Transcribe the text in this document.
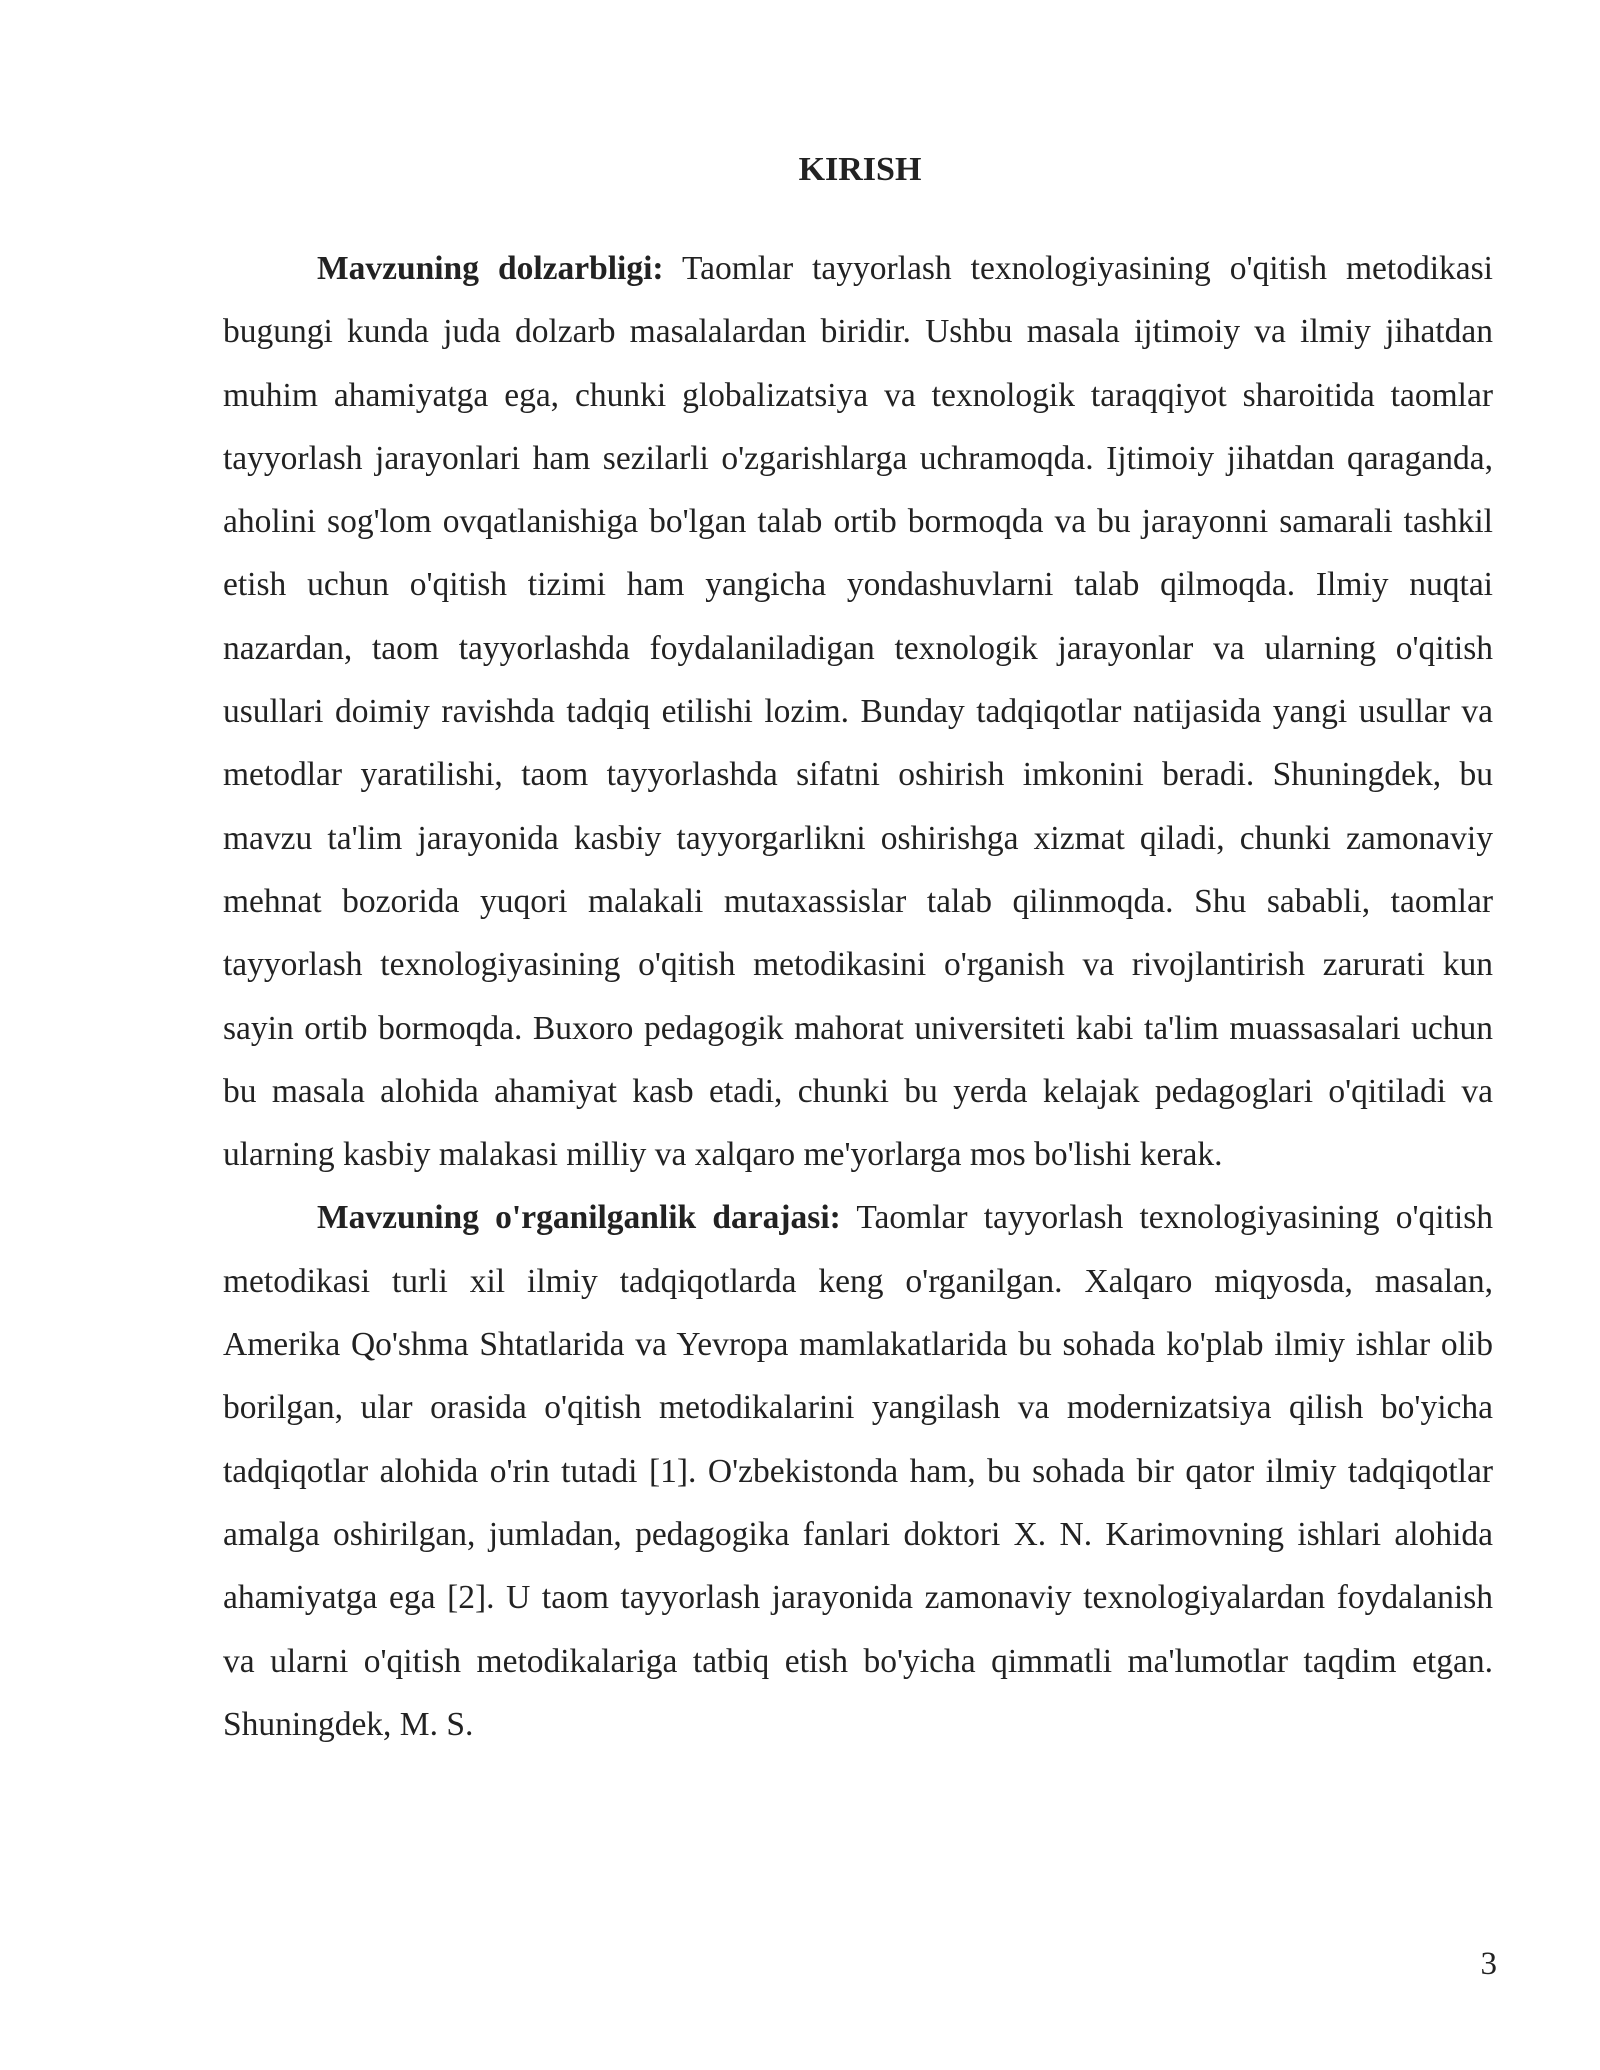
KIRISH

Mavzuning dolzarbligi: Taomlar tayyorlash texnologiyasining o'qitish metodikasi bugungi kunda juda dolzarb masalalardan biridir. Ushbu masala ijtimoiy va ilmiy jihatdan muhim ahamiyatga ega, chunki globalizatsiya va texnologik taraqqiyot sharoitida taomlar tayyorlash jarayonlari ham sezilarli o'zgarishlarga uchramoqda. Ijtimoiy jihatdan qaraganda, aholini sog'lom ovqatlanishiga bo'lgan talab ortib bormoqda va bu jarayonni samarali tashkil etish uchun o'qitish tizimi ham yangicha yondashuvlarni talab qilmoqda. Ilmiy nuqtai nazardan, taom tayyorlashda foydalaniladigan texnologik jarayonlar va ularning o'qitish usullari doimiy ravishda tadqiq etilishi lozim. Bunday tadqiqotlar natijasida yangi usullar va metodlar yaratilishi, taom tayyorlashda sifatni oshirish imkonini beradi. Shuningdek, bu mavzu ta'lim jarayonida kasbiy tayyorgarlikni oshirishga xizmat qiladi, chunki zamonaviy mehnat bozorida yuqori malakali mutaxassislar talab qilinmoqda. Shu sababli, taomlar tayyorlash texnologiyasining o'qitish metodikasini o'rganish va rivojlantirish zarurati kun sayin ortib bormoqda. Buxoro pedagogik mahorat universiteti kabi ta'lim muassasalari uchun bu masala alohida ahamiyat kasb etadi, chunki bu yerda kelajak pedagoglari o'qitiladi va ularning kasbiy malakasi milliy va xalqaro me'yorlarga mos bo'lishi kerak.

Mavzuning o'rganilganlik darajasi: Taomlar tayyorlash texnologiyasining o'qitish metodikasi turli xil ilmiy tadqiqotlarda keng o'rganilgan. Xalqaro miqyosda, masalan, Amerika Qo'shma Shtatlarida va Yevropa mamlakatlarida bu sohada ko'plab ilmiy ishlar olib borilgan, ular orasida o'qitish metodikalarini yangilash va modernizatsiya qilish bo'yicha tadqiqotlar alohida o'rin tutadi [1]. O'zbekistonda ham, bu sohada bir qator ilmiy tadqiqotlar amalga oshirilgan, jumladan, pedagogika fanlari doktori X. N. Karimovning ishlari alohida ahamiyatga ega [2]. U taom tayyorlash jarayonida zamonaviy texnologiyalardan foydalanish va ularni o'qitish metodikalariga tatbiq etish bo'yicha qimmatli ma'lumotlar taqdim etgan. Shuningdek, M. S.

3
